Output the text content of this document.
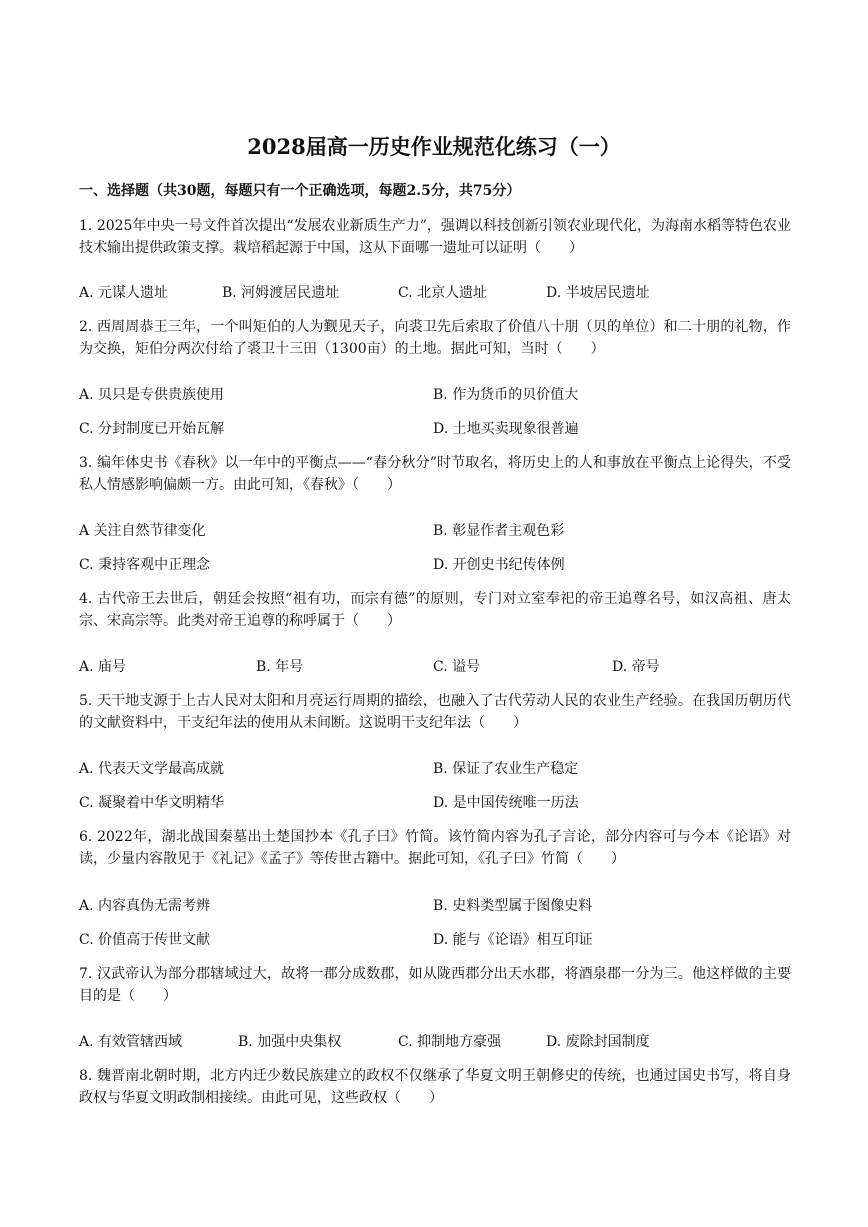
2028届高一历史作业规范化练习（一）
一、选择题（共30题，每题只有一个正确选项，每题2.5分，共75分）
1. 2025年中央一号文件首次提出“发展农业新质生产力”，强调以科技创新引领农业现代化，为海南水稻等特色农业技术输出提供政策支撑。栽培稻起源于中国，这从下面哪一遗址可以证明（　　）
A. 元谋人遗址	B. 河姆渡居民遗址	C. 北京人遗址	D. 半坡居民遗址
2. 西周周恭王三年，一个叫矩伯的人为觐见天子，向裘卫先后索取了价值八十朋（贝的单位）和二十朋的礼物，作为交换，矩伯分两次付给了裘卫十三田（1300亩）的土地。据此可知，当时（　　）
A. 贝只是专供贵族使用	B. 作为货币的贝价值大
C. 分封制度已开始瓦解	D. 土地买卖现象很普遍
3. 编年体史书《春秋》以一年中的平衡点——“春分秋分”时节取名，将历史上的人和事放在平衡点上论得失，不受私人情感影响偏颇一方。由此可知，《春秋》（　　）
A 关注自然节律变化	B. 彰显作者主观色彩
C. 秉持客观中正理念	D. 开创史书纪传体例
4. 古代帝王去世后，朝廷会按照“祖有功，而宗有德”的原则，专门对立室奉祀的帝王追尊名号，如汉高祖、唐太宗、宋高宗等。此类对帝王追尊的称呼属于（　　）
A. 庙号	B. 年号	C. 谥号	D. 帝号
5. 天干地支源于上古人民对太阳和月亮运行周期的描绘，也融入了古代劳动人民的农业生产经验。在我国历朝历代的文献资料中，干支纪年法的使用从未间断。这说明干支纪年法（　　）
A. 代表天文学最高成就	B. 保证了农业生产稳定
C. 凝聚着中华文明精华	D. 是中国传统唯一历法
6. 2022年，湖北战国秦墓出土楚国抄本《孔子曰》竹简。该竹简内容为孔子言论，部分内容可与今本《论语》对读，少量内容散见于《礼记》《孟子》等传世古籍中。据此可知，《孔子曰》竹简（　　）
A. 内容真伪无需考辨	B. 史料类型属于图像史料
C. 价值高于传世文献	D. 能与《论语》相互印证
7. 汉武帝认为部分郡辖域过大，故将一郡分成数郡，如从陇西郡分出天水郡，将酒泉郡一分为三。他这样做的主要目的是（　　）
A. 有效管辖西域	B. 加强中央集权	C. 抑制地方豪强	D. 废除封国制度
8. 魏晋南北朝时期，北方内迁少数民族建立的政权不仅继承了华夏文明王朝修史的传统，也通过国史书写，将自身政权与华夏文明政制相接续。由此可见，这些政权（　　）
